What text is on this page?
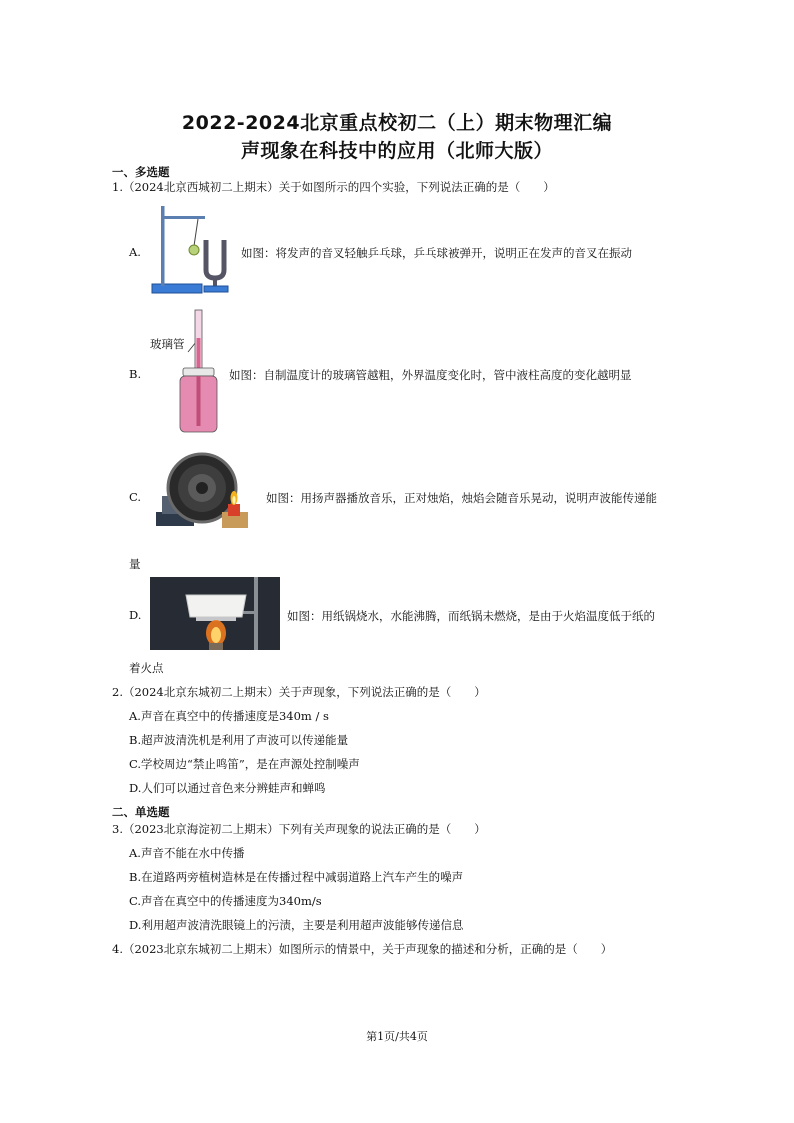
2022-2024北京重点校初二（上）期末物理汇编
声现象在科技中的应用（北师大版）
一、多选题
1.（2024北京西城初二上期末）关于如图所示的四个实验，下列说法正确的是（　　）
A.	如图：将发声的音叉轻触乒乓球，乒乓球被弹开，说明正在发声的音叉在振动
B.
玻璃管
如图：自制温度计的玻璃管越粗，外界温度变化时，管中液柱高度的变化越明显
C.	如图：用扬声器播放音乐，正对烛焰，烛焰会随音乐晃动，说明声波能传递能
量
D.	如图：用纸锅烧水，水能沸腾，而纸锅未燃烧，是由于火焰温度低于纸的
着火点
2.（2024北京东城初二上期末）关于声现象，下列说法正确的是（　　）
A.声音在真空中的传播速度是340m / s
B.超声波清洗机是利用了声波可以传递能量
C.学校周边“禁止鸣笛”，是在声源处控制噪声
D.人们可以通过音色来分辨蛙声和蝉鸣
二、单选题
3.（2023北京海淀初二上期末）下列有关声现象的说法正确的是（　　）
A.声音不能在水中传播
B.在道路两旁植树造林是在传播过程中减弱道路上汽车产生的噪声
C.声音在真空中的传播速度为340m/s
D.利用超声波清洗眼镜上的污渍，主要是利用超声波能够传递信息
4.（2023北京东城初二上期末）如图所示的情景中，关于声现象的描述和分析，正确的是（　　）
第1页/共4页
